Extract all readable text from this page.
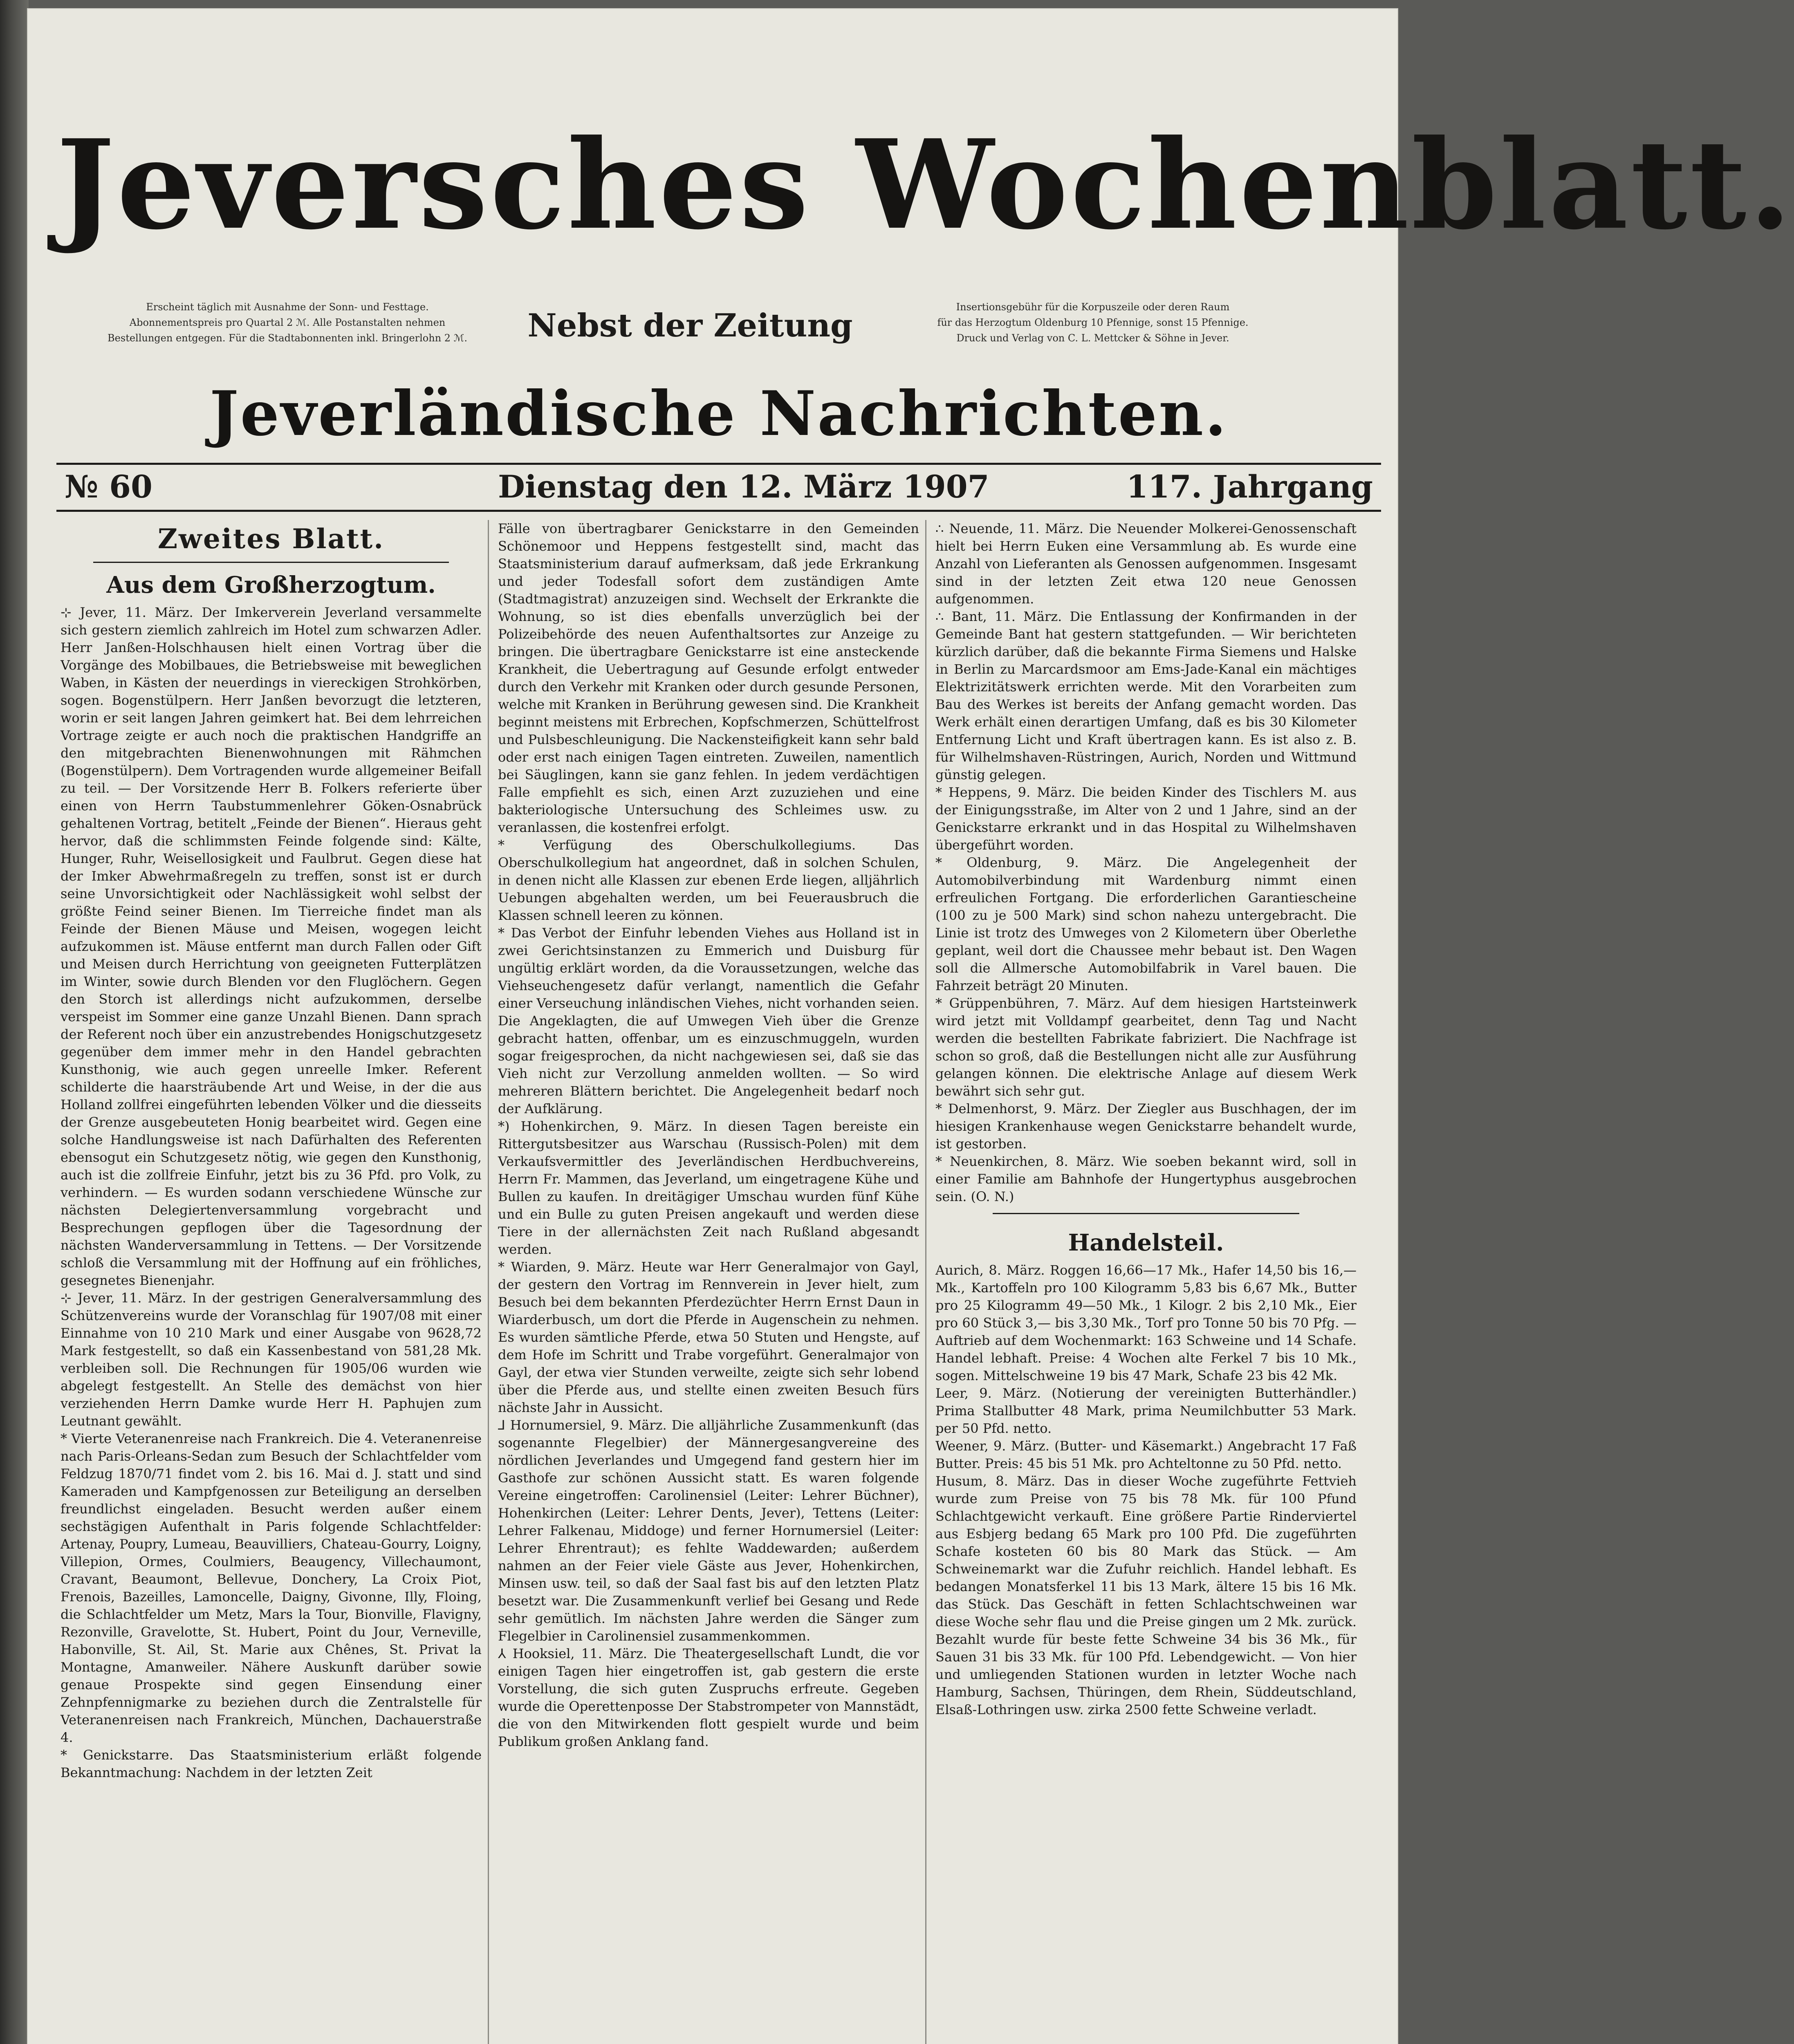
Jeversches Wochenblatt.
Erscheint täglich mit Ausnahme der Sonn- und Festtage.
Abonnementspreis pro Quartal 2 ℳ. Alle Postanstalten nehmen
Bestellungen entgegen. Für die Stadtabonnenten inkl. Bringerlohn 2 ℳ.	Nebst der Zeitung	Insertionsgebühr für die Korpuszeile oder deren Raum
für das Herzogtum Oldenburg 10 Pfennige, sonst 15 Pfennige.
Druck und Verlag von C. L. Mettcker & Söhne in Jever.
Jeverländische Nachrichten.
№ 60	Dienstag den 12. März 1907	117. Jahrgang
Zweites Blatt.
Aus dem Großherzogtum.

⊹ Jever, 11. März. Der Imkerverein Jeverland versammelte sich gestern ziemlich zahlreich im Hotel zum schwarzen Adler. Herr Janßen-Holschhausen hielt einen Vortrag über die Vorgänge des Mobilbaues, die Betriebsweise mit beweglichen Waben, in Kästen der neuerdings in viereckigen Strohkörben, sogen. Bogenstülpern. Herr Janßen bevorzugt die letzteren, worin er seit langen Jahren geimkert hat. Bei dem lehrreichen Vortrage zeigte er auch noch die praktischen Handgriffe an den mitgebrachten Bienenwohnungen mit Rähmchen (Bogenstülpern). Dem Vortragenden wurde allgemeiner Beifall zu teil. — Der Vorsitzende Herr B. Folkers referierte über einen von Herrn Taubstummenlehrer Göken-Osnabrück gehaltenen Vortrag, betitelt „Feinde der Bienen“. Hieraus geht hervor, daß die schlimmsten Feinde folgende sind: Kälte, Hunger, Ruhr, Weisellosigkeit und Faulbrut. Gegen diese hat der Imker Abwehrmaßregeln zu treffen, sonst ist er durch seine Unvorsichtigkeit oder Nachlässigkeit wohl selbst der größte Feind seiner Bienen. Im Tierreiche findet man als Feinde der Bienen Mäuse und Meisen, wogegen leicht aufzukommen ist. Mäuse entfernt man durch Fallen oder Gift und Meisen durch Herrichtung von geeigneten Futterplätzen im Winter, sowie durch Blenden vor den Fluglöchern. Gegen den Storch ist allerdings nicht aufzukommen, derselbe verspeist im Sommer eine ganze Unzahl Bienen. Dann sprach der Referent noch über ein anzustrebendes Honigschutzgesetz gegenüber dem immer mehr in den Handel gebrachten Kunsthonig, wie auch gegen unreelle Imker. Referent schilderte die haarsträubende Art und Weise, in der die aus Holland zollfrei eingeführten lebenden Völker und die diesseits der Grenze ausgebeuteten Honig bearbeitet wird. Gegen eine solche Handlungsweise ist nach Dafürhalten des Referenten ebensogut ein Schutzgesetz nötig, wie gegen den Kunsthonig, auch ist die zollfreie Einfuhr, jetzt bis zu 36 Pfd. pro Volk, zu verhindern. — Es wurden sodann verschiedene Wünsche zur nächsten Delegiertenversammlung vorgebracht und Besprechungen gepflogen über die Tagesordnung der nächsten Wanderversammlung in Tettens. — Der Vorsitzende schloß die Versammlung mit der Hoffnung auf ein fröhliches, gesegnetes Bienenjahr.

⊹ Jever, 11. März. In der gestrigen Generalversammlung des Schützenvereins wurde der Voranschlag für 1907/08 mit einer Einnahme von 10 210 Mark und einer Ausgabe von 9628,72 Mark festgestellt, so daß ein Kassenbestand von 581,28 Mk. verbleiben soll. Die Rechnungen für 1905/06 wurden wie abgelegt festgestellt. An Stelle des demächst von hier verziehenden Herrn Damke wurde Herr H. Paphujen zum Leutnant gewählt.

* Vierte Veteranenreise nach Frankreich. Die 4. Veteranenreise nach Paris-Orleans-Sedan zum Besuch der Schlachtfelder vom Feldzug 1870/71 findet vom 2. bis 16. Mai d. J. statt und sind Kameraden und Kampfgenossen zur Beteiligung an derselben freundlichst eingeladen. Besucht werden außer einem sechstägigen Aufenthalt in Paris folgende Schlachtfelder: Artenay, Poupry, Lumeau, Beauvilliers, Chateau-Gourry, Loigny, Villepion, Ormes, Coulmiers, Beaugency, Villechaumont, Cravant, Beaumont, Bellevue, Donchery, La Croix Piot, Frenois, Bazeilles, Lamoncelle, Daigny, Givonne, Illy, Floing, die Schlachtfelder um Metz, Mars la Tour, Bionville, Flavigny, Rezonville, Gravelotte, St. Hubert, Point du Jour, Verneville, Habonville, St. Ail, St. Marie aux Chênes, St. Privat la Montagne, Amanweiler. Nähere Auskunft darüber sowie genaue Prospekte sind gegen Einsendung einer Zehnpfennigmarke zu beziehen durch die Zentralstelle für Veteranenreisen nach Frankreich, München, Dachauerstraße 4.

* Genickstarre. Das Staatsministerium erläßt folgende Bekanntmachung: Nachdem in der letzten Zeit

Fälle von übertragbarer Genickstarre in den Gemeinden Schönemoor und Heppens festgestellt sind, macht das Staatsministerium darauf aufmerksam, daß jede Erkrankung und jeder Todesfall sofort dem zuständigen Amte (Stadtmagistrat) anzuzeigen sind. Wechselt der Erkrankte die Wohnung, so ist dies ebenfalls unverzüglich bei der Polizeibehörde des neuen Aufenthaltsortes zur Anzeige zu bringen. Die übertragbare Genickstarre ist eine ansteckende Krankheit, die Uebertragung auf Gesunde erfolgt entweder durch den Verkehr mit Kranken oder durch gesunde Personen, welche mit Kranken in Berührung gewesen sind. Die Krankheit beginnt meistens mit Erbrechen, Kopfschmerzen, Schüttelfrost und Pulsbeschleunigung. Die Nackensteifigkeit kann sehr bald oder erst nach einigen Tagen eintreten. Zuweilen, namentlich bei Säuglingen, kann sie ganz fehlen. In jedem verdächtigen Falle empfiehlt es sich, einen Arzt zuzuziehen und eine bakteriologische Untersuchung des Schleimes usw. zu veranlassen, die kostenfrei erfolgt.

* Verfügung des Oberschulkollegiums. Das Oberschulkollegium hat angeordnet, daß in solchen Schulen, in denen nicht alle Klassen zur ebenen Erde liegen, alljährlich Uebungen abgehalten werden, um bei Feuerausbruch die Klassen schnell leeren zu können.

* Das Verbot der Einfuhr lebenden Viehes aus Holland ist in zwei Gerichtsinstanzen zu Emmerich und Duisburg für ungültig erklärt worden, da die Voraussetzungen, welche das Viehseuchengesetz dafür verlangt, namentlich die Gefahr einer Verseuchung inländischen Viehes, nicht vorhanden seien. Die Angeklagten, die auf Umwegen Vieh über die Grenze gebracht hatten, offenbar, um es einzuschmuggeln, wurden sogar freigesprochen, da nicht nachgewiesen sei, daß sie das Vieh nicht zur Verzollung anmelden wollten. — So wird mehreren Blättern berichtet. Die Angelegenheit bedarf noch der Aufklärung.

*) Hohenkirchen, 9. März. In diesen Tagen bereiste ein Rittergutsbesitzer aus Warschau (Russisch-Polen) mit dem Verkaufsvermittler des Jeverländischen Herdbuchvereins, Herrn Fr. Mammen, das Jeverland, um eingetragene Kühe und Bullen zu kaufen. In dreitägiger Umschau wurden fünf Kühe und ein Bulle zu guten Preisen angekauft und werden diese Tiere in der allernächsten Zeit nach Rußland abgesandt werden.

* Wiarden, 9. März. Heute war Herr Generalmajor von Gayl, der gestern den Vortrag im Rennverein in Jever hielt, zum Besuch bei dem bekannten Pferdezüchter Herrn Ernst Daun in Wiarderbusch, um dort die Pferde in Augenschein zu nehmen. Es wurden sämtliche Pferde, etwa 50 Stuten und Hengste, auf dem Hofe im Schritt und Trabe vorgeführt. Generalmajor von Gayl, der etwa vier Stunden verweilte, zeigte sich sehr lobend über die Pferde aus, und stellte einen zweiten Besuch fürs nächste Jahr in Aussicht.

⅃ Hornumersiel, 9. März. Die alljährliche Zusammenkunft (das sogenannte Flegelbier) der Männergesangvereine des nördlichen Jeverlandes und Umgegend fand gestern hier im Gasthofe zur schönen Aussicht statt. Es waren folgende Vereine eingetroffen: Carolinensiel (Leiter: Lehrer Büchner), Hohenkirchen (Leiter: Lehrer Dents, Jever), Tettens (Leiter: Lehrer Falkenau, Middoge) und ferner Hornumersiel (Leiter: Lehrer Ehrentraut); es fehlte Waddewarden; außerdem nahmen an der Feier viele Gäste aus Jever, Hohenkirchen, Minsen usw. teil, so daß der Saal fast bis auf den letzten Platz besetzt war. Die Zusammenkunft verlief bei Gesang und Rede sehr gemütlich. Im nächsten Jahre werden die Sänger zum Flegelbier in Carolinensiel zusammenkommen.

⅄ Hooksiel, 11. März. Die Theatergesellschaft Lundt, die vor einigen Tagen hier eingetroffen ist, gab gestern die erste Vorstellung, die sich guten Zuspruchs erfreute. Gegeben wurde die Operettenposse Der Stabstrompeter von Mannstädt, die von den Mitwirkenden flott gespielt wurde und beim Publikum großen Anklang fand.

∴ Neuende, 11. März. Die Neuender Molkerei-Genossenschaft hielt bei Herrn Euken eine Versammlung ab. Es wurde eine Anzahl von Lieferanten als Genossen aufgenommen. Insgesamt sind in der letzten Zeit etwa 120 neue Genossen aufgenommen.

∴ Bant, 11. März. Die Entlassung der Konfirmanden in der Gemeinde Bant hat gestern stattgefunden. — Wir berichteten kürzlich darüber, daß die bekannte Firma Siemens und Halske in Berlin zu Marcardsmoor am Ems-Jade-Kanal ein mächtiges Elektrizitätswerk errichten werde. Mit den Vorarbeiten zum Bau des Werkes ist bereits der Anfang gemacht worden. Das Werk erhält einen derartigen Umfang, daß es bis 30 Kilometer Entfernung Licht und Kraft übertragen kann. Es ist also z. B. für Wilhelmshaven-Rüstringen, Aurich, Norden und Wittmund günstig gelegen.

* Heppens, 9. März. Die beiden Kinder des Tischlers M. aus der Einigungsstraße, im Alter von 2 und 1 Jahre, sind an der Genickstarre erkrankt und in das Hospital zu Wilhelmshaven übergeführt worden.

* Oldenburg, 9. März. Die Angelegenheit der Automobilverbindung mit Wardenburg nimmt einen erfreulichen Fortgang. Die erforderlichen Garantiescheine (100 zu je 500 Mark) sind schon nahezu untergebracht. Die Linie ist trotz des Umweges von 2 Kilometern über Oberlethe geplant, weil dort die Chaussee mehr bebaut ist. Den Wagen soll die Allmersche Automobilfabrik in Varel bauen. Die Fahrzeit beträgt 20 Minuten.

* Grüppenbühren, 7. März. Auf dem hiesigen Hartsteinwerk wird jetzt mit Volldampf gearbeitet, denn Tag und Nacht werden die bestellten Fabrikate fabriziert. Die Nachfrage ist schon so groß, daß die Bestellungen nicht alle zur Ausführung gelangen können. Die elektrische Anlage auf diesem Werk bewährt sich sehr gut.

* Delmenhorst, 9. März. Der Ziegler aus Buschhagen, der im hiesigen Krankenhause wegen Genickstarre behandelt wurde, ist gestorben.

* Neuenkirchen, 8. März. Wie soeben bekannt wird, soll in einer Familie am Bahnhofe der Hungertyphus ausgebrochen sein. (O. N.)

Handelsteil.

Aurich, 8. März. Roggen 16,66—17 Mk., Hafer 14,50 bis 16,— Mk., Kartoffeln pro 100 Kilogramm 5,83 bis 6,67 Mk., Butter pro 25 Kilogramm 49—50 Mk., 1 Kilogr. 2 bis 2,10 Mk., Eier pro 60 Stück 3,— bis 3,30 Mk., Torf pro Tonne 50 bis 70 Pfg. — Auftrieb auf dem Wochenmarkt: 163 Schweine und 14 Schafe. Handel lebhaft. Preise: 4 Wochen alte Ferkel 7 bis 10 Mk., sogen. Mittelschweine 19 bis 47 Mark, Schafe 23 bis 42 Mk.

Leer, 9. März. (Notierung der vereinigten Butterhändler.) Prima Stallbutter 48 Mark, prima Neumilchbutter 53 Mark. per 50 Pfd. netto.

Weener, 9. März. (Butter- und Käsemarkt.) Angebracht 17 Faß Butter. Preis: 45 bis 51 Mk. pro Achteltonne zu 50 Pfd. netto.

Husum, 8. März. Das in dieser Woche zugeführte Fettvieh wurde zum Preise von 75 bis 78 Mk. für 100 Pfund Schlachtgewicht verkauft. Eine größere Partie Rinderviertel aus Esbjerg bedang 65 Mark pro 100 Pfd. Die zugeführten Schafe kosteten 60 bis 80 Mark das Stück. — Am Schweinemarkt war die Zufuhr reichlich. Handel lebhaft. Es bedangen Monatsferkel 11 bis 13 Mark, ältere 15 bis 16 Mk. das Stück. Das Geschäft in fetten Schlachtschweinen war diese Woche sehr flau und die Preise gingen um 2 Mk. zurück. Bezahlt wurde für beste fette Schweine 34 bis 36 Mk., für Sauen 31 bis 33 Mk. für 100 Pfd. Lebendgewicht. — Von hier und umliegenden Stationen wurden in letzter Woche nach Hamburg, Sachsen, Thüringen, dem Rhein, Süddeutschland, Elsaß-Lothringen usw. zirka 2500 fette Schweine verladt.
